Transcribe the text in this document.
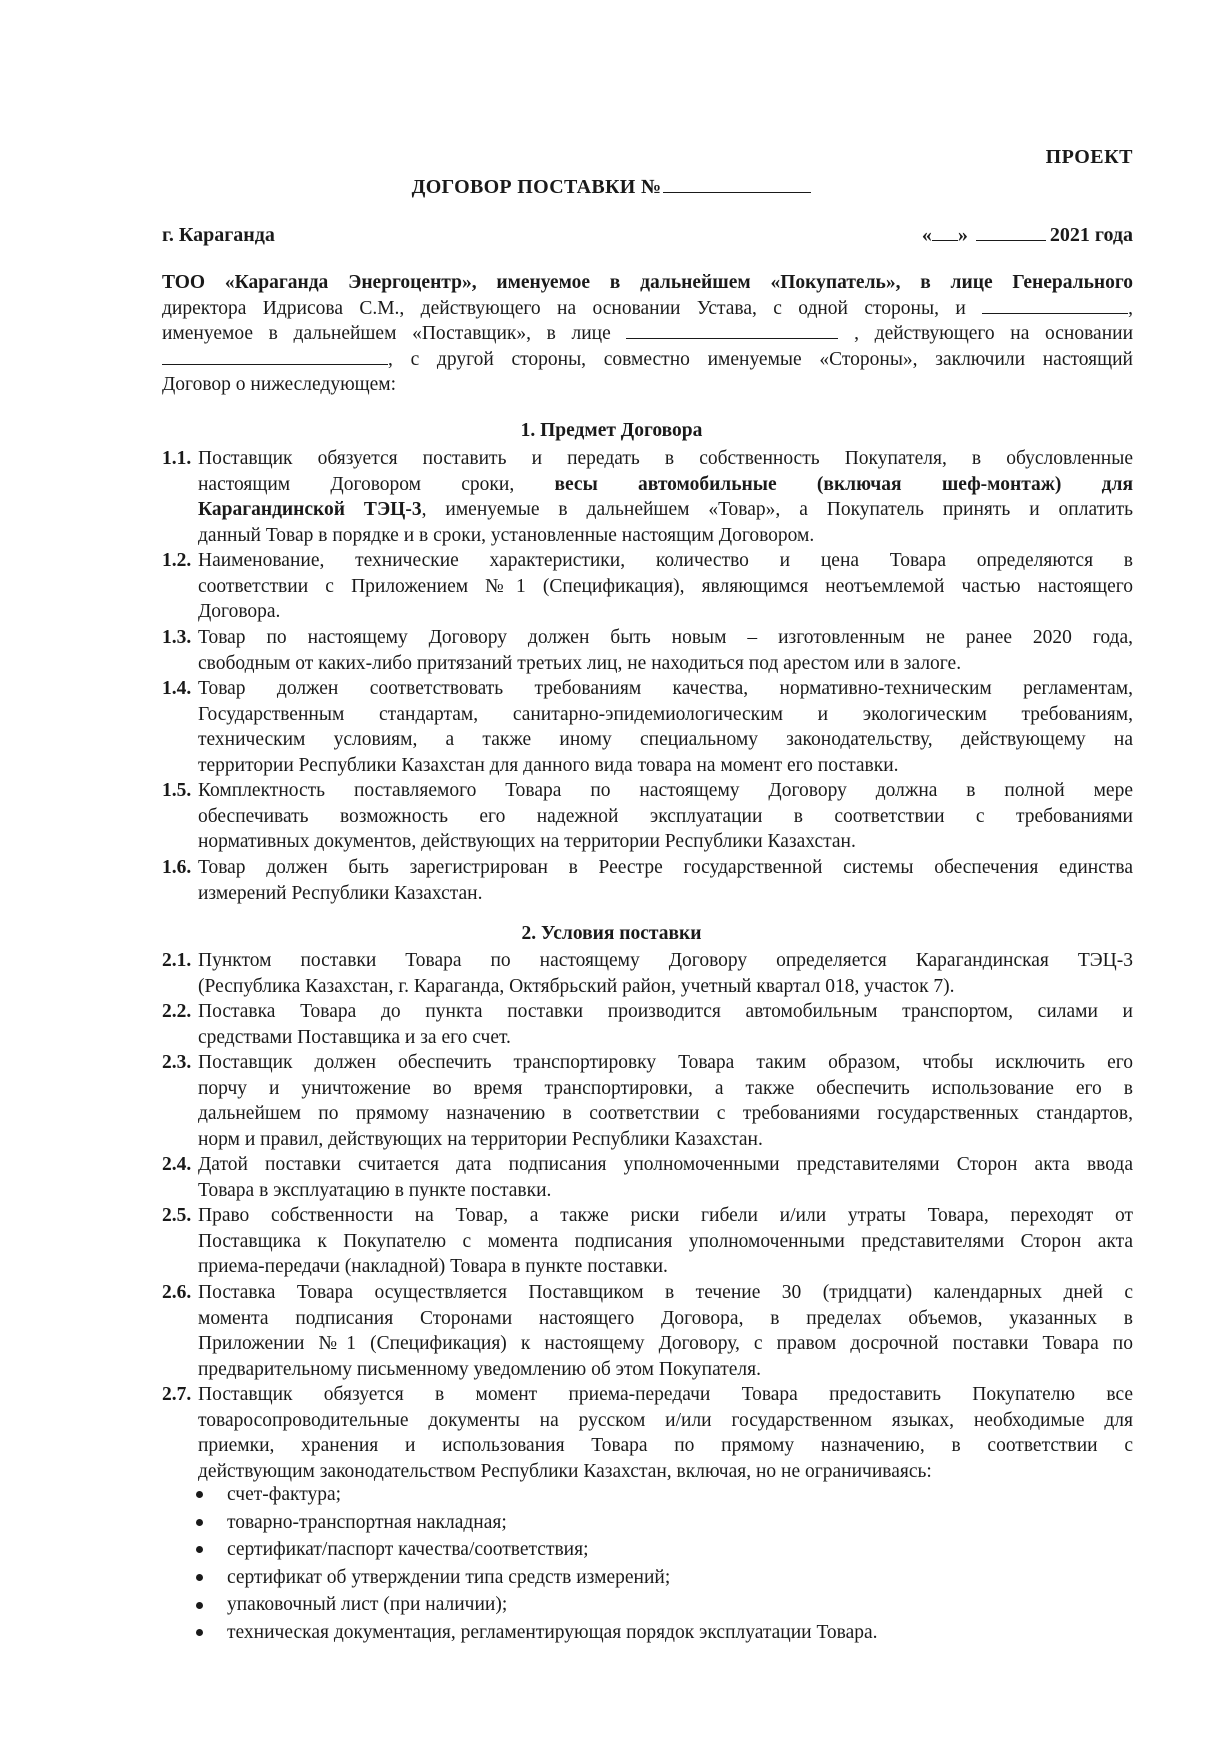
ПРОЕКТ
ДОГОВОР ПОСТАВКИ №
г. Караганда	« »	2021 года
ТОО «Караганда Энергоцентр», именуемое в дальнейшем «Покупатель», в лице Генерального
директора Идрисова С.М., действующего на основании Устава, с одной стороны, и	,
именуемое в дальнейшем «Поставщик», в лице	, действующего на основании
, с другой стороны, совместно именуемые «Стороны», заключили настоящий
Договор о нижеследующем:
1. Предмет Договора
1.1. Поставщик обязуется поставить и передать в собственность Покупателя, в обусловленные
настоящим Договором сроки, весы автомобильные (включая шеф-монтаж) для
Карагандинской ТЭЦ-3, именуемые в дальнейшем «Товар», а Покупатель принять и оплатить
данный Товар в порядке и в сроки, установленные настоящим Договором.
1.2. Наименование, технические характеристики, количество и цена Товара определяются в
соответствии с Приложением №1 (Спецификация), являющимся неотъемлемой частью настоящего
Договора.
1.3. Товар по настоящему Договору должен быть новым – изготовленным не ранее 2020 года,
свободным от каких-либо притязаний третьих лиц, не находиться под арестом или в залоге.
1.4. Товар должен соответствовать требованиям качества, нормативно-техническим регламентам,
Государственным стандартам, санитарно-эпидемиологическим и экологическим требованиям,
техническим условиям, а также иному специальному законодательству, действующему на
территории Республики Казахстан для данного вида товара на момент его поставки.
1.5. Комплектность поставляемого Товара по настоящему Договору должна в полной мере
обеспечивать возможность его надежной эксплуатации в соответствии с требованиями
нормативных документов, действующих на территории Республики Казахстан.
1.6. Товар должен быть зарегистрирован в Реестре государственной системы обеспечения единства
измерений Республики Казахстан.
2. Условия поставки
2.1. Пунктом поставки Товара по настоящему Договору определяется Карагандинская ТЭЦ-3
(Республика Казахстан, г. Караганда, Октябрьский район, учетный квартал 018, участок 7).
2.2. Поставка Товара до пункта поставки производится автомобильным транспортом, силами и
средствами Поставщика и за его счет.
2.3. Поставщик должен обеспечить транспортировку Товара таким образом, чтобы исключить его
порчу и уничтожение во время транспортировки, а также обеспечить использование его в
дальнейшем по прямому назначению в соответствии с требованиями государственных стандартов,
норм и правил, действующих на территории Республики Казахстан.
2.4. Датой поставки считается дата подписания уполномоченными представителями Сторон акта ввода
Товара в эксплуатацию в пункте поставки.
2.5. Право собственности на Товар, а также риски гибели и/или утраты Товара, переходят от
Поставщика к Покупателю с момента подписания уполномоченными представителями Сторон акта
приема-передачи (накладной) Товара в пункте поставки.
2.6. Поставка Товара осуществляется Поставщиком в течение 30 (тридцати) календарных дней с
момента подписания Сторонами настоящего Договора, в пределах объемов, указанных в
Приложении №1 (Спецификация) к настоящему Договору, с правом досрочной поставки Товара по
предварительному письменному уведомлению об этом Покупателя.
2.7. Поставщик обязуется в момент приема-передачи Товара предоставить Покупателю все
товаросопроводительные документы на русском и/или государственном языках, необходимые для
приемки, хранения и использования Товара по прямому назначению, в соответствии с
действующим законодательством Республики Казахстан, включая, но не ограничиваясь:
счет-фактура;
товарно-транспортная накладная;
сертификат/паспорт качества/соответствия;
сертификат об утверждении типа средств измерений;
упаковочный лист (при наличии);
техническая документация, регламентирующая порядок эксплуатации Товара.
